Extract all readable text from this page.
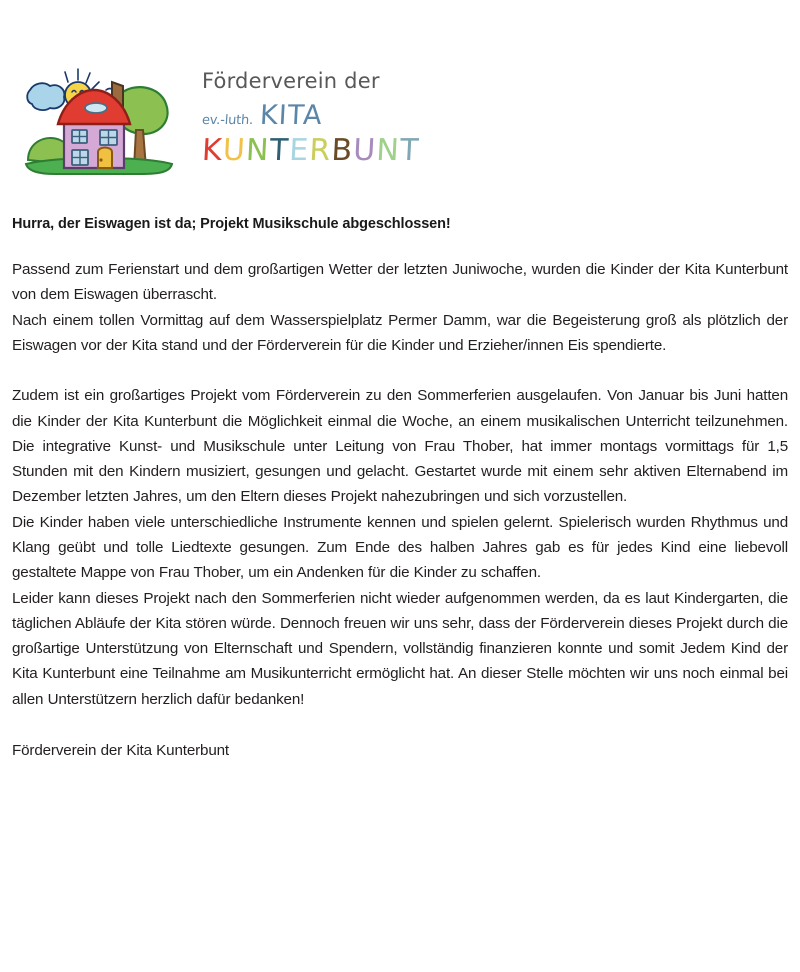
Förderverein der
ev.-luth. KITA
K
U
N
T
E
R
B
U
N
T
Hurra, der Eiswagen ist da; Projekt Musikschule abgeschlossen!

Passend zum Ferienstart und dem großartigen Wetter der letzten Juniwoche, wurden die Kinder der Kita Kunterbunt von dem Eiswagen überrascht.

Nach einem tollen Vormittag auf dem Wasserspielplatz Permer Damm, war die Begeisterung groß als plötzlich der Eiswagen vor der Kita stand und der Förderverein für die Kinder und Erzieher/innen Eis spendierte.

Zudem ist ein großartiges Projekt vom Förderverein zu den Sommerferien ausgelaufen. Von Januar bis Juni hatten die Kinder der Kita Kunterbunt die Möglichkeit einmal die Woche, an einem musikalischen Unterricht teilzunehmen. Die integrative Kunst- und Musikschule unter Leitung von Frau Thober, hat immer montags vormittags für 1,5 Stunden mit den Kindern musiziert, gesungen und gelacht. Gestartet wurde mit einem sehr aktiven Elternabend im Dezember letzten Jahres, um den Eltern dieses Projekt nahezubringen und sich vorzustellen.

Die Kinder haben viele unterschiedliche Instrumente kennen und spielen gelernt. Spielerisch wurden Rhythmus und Klang geübt und tolle Liedtexte gesungen. Zum Ende des halben Jahres gab es für jedes Kind eine liebevoll gestaltete Mappe von Frau Thober, um ein Andenken für die Kinder zu schaffen.

Leider kann dieses Projekt nach den Sommerferien nicht wieder aufgenommen werden, da es laut Kindergarten, die täglichen Abläufe der Kita stören würde. Dennoch freuen wir uns sehr, dass der Förderverein dieses Projekt durch die großartige Unterstützung von Elternschaft und Spendern, vollständig finanzieren konnte und somit Jedem Kind der Kita Kunterbunt eine Teilnahme am Musikunterricht ermöglicht hat. An dieser Stelle möchten wir uns noch einmal bei allen Unterstützern herzlich dafür bedanken!

Förderverein der Kita Kunterbunt
